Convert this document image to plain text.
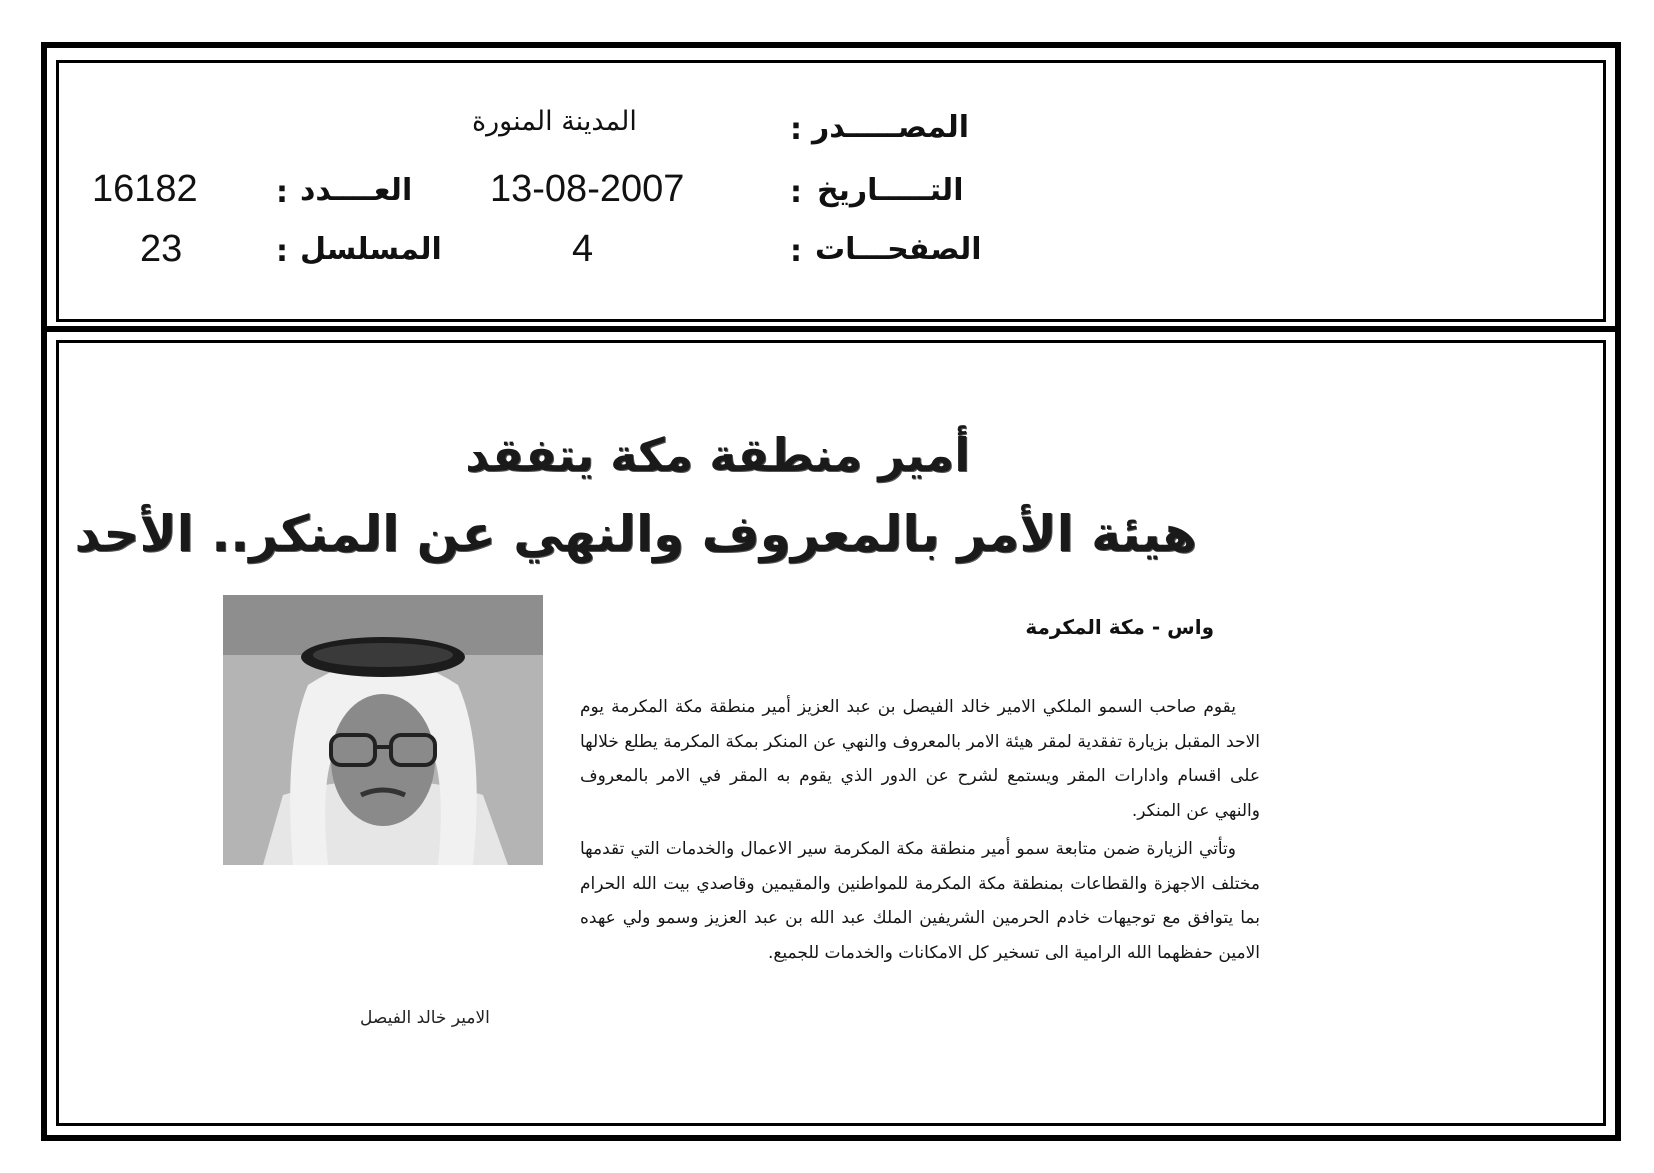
المصـــــدر
:
المدينة المنورة
التـــــاريخ
:
13-08-2007
العــــدد
:
16182
الصفحـــات
:
4
المسلسل
:
23
أمير منطقة مكة يتفقد
هيئة الأمر بالمعروف والنهي عن المنكر.. الأحد
واس - مكة المكرمة
الامير خالد الفيصل

يقوم صاحب السمو الملكي الامير خالد الفيصل بن عبد العزيز أمير منطقة مكة المكرمة يوم الاحد المقبل بزيارة تفقدية لمقر هيئة الامر بالمعروف والنهي عن المنكر بمكة المكرمة يطلع خلالها على اقسام وادارات المقر ويستمع لشرح عن الدور الذي يقوم به المقر في الامر بالمعروف والنهي عن المنكر.

وتأتي الزيارة ضمن متابعة سمو أمير منطقة مكة المكرمة سير الاعمال والخدمات التي تقدمها مختلف الاجهزة والقطاعات بمنطقة مكة المكرمة للمواطنين والمقيمين وقاصدي بيت الله الحرام بما يتوافق مع توجيهات خادم الحرمين الشريفين الملك عبد الله بن عبد العزيز وسمو ولي عهده الامين حفظهما الله الرامية الى تسخير كل الامكانات والخدمات للجميع.
